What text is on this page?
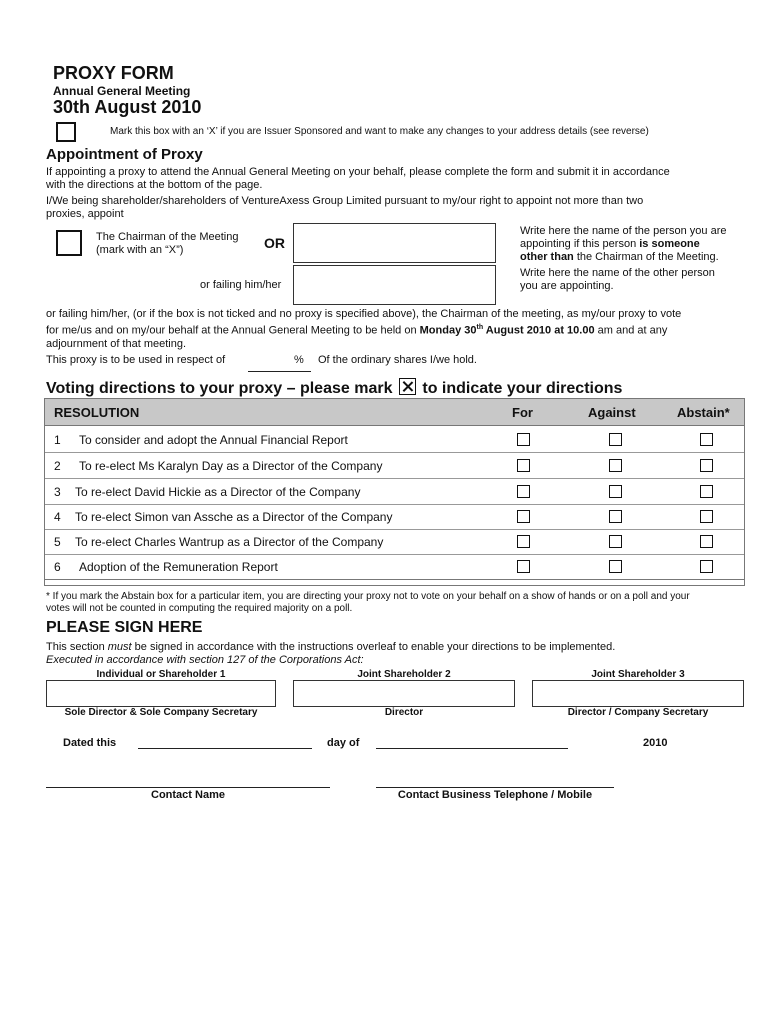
PROXY FORM
Annual General Meeting
30th August 2010
Mark this box with an ‘X’ if you are Issuer Sponsored and want to make any changes to your address details (see reverse)
Appointment of Proxy
If appointing a proxy to attend the Annual General Meeting on your behalf, please complete the form and submit it in accordance
with the directions at the bottom of the page.
I/We being shareholder/shareholders of VentureAxess Group Limited pursuant to my/our right to appoint not more than two
proxies, appoint
The Chairman of the Meeting
(mark with an “X”)	OR
or failing him/her
Write here the name of the person you are
appointing if this person is someone
other than the Chairman of the Meeting.
Write here the name of the other person
you are appointing.
or failing him/her, (or if the box is not ticked and no proxy is specified above), the Chairman of the meeting, as my/our proxy to vote
for me/us and on my/our behalf at the Annual General Meeting to be held on Monday 30th August 2010 at 10.00 am and at any
adjournment of that meeting.
This proxy is to be used in respect of	% Of the ordinary shares I/we hold.
Voting directions to your proxy – please mark to indicate your directions
RESOLUTION	For	Against	Abstain*
1 To consider and adopt the Annual Financial Report
2 To re-elect Ms Karalyn Day as a Director of the Company
3 To re-elect David Hickie as a Director of the Company
4 To re-elect Simon van Assche as a Director of the Company
5 To re-elect Charles Wantrup as a Director of the Company
6 Adoption of the Remuneration Report
* If you mark the Abstain box for a particular item, you are directing your proxy not to vote on your behalf on a show of hands or on a poll and your
votes will not be counted in computing the required majority on a poll.
PLEASE SIGN HERE
This section must be signed in accordance with the instructions overleaf to enable your directions to be implemented.
Executed in accordance with section 127 of the Corporations Act:
Individual or Shareholder 1	Joint Shareholder 2	Joint Shareholder 3
Sole Director & Sole Company Secretary	Director	Director / Company Secretary
Dated this	day of	2010
Contact Name	Contact Business Telephone / Mobile
